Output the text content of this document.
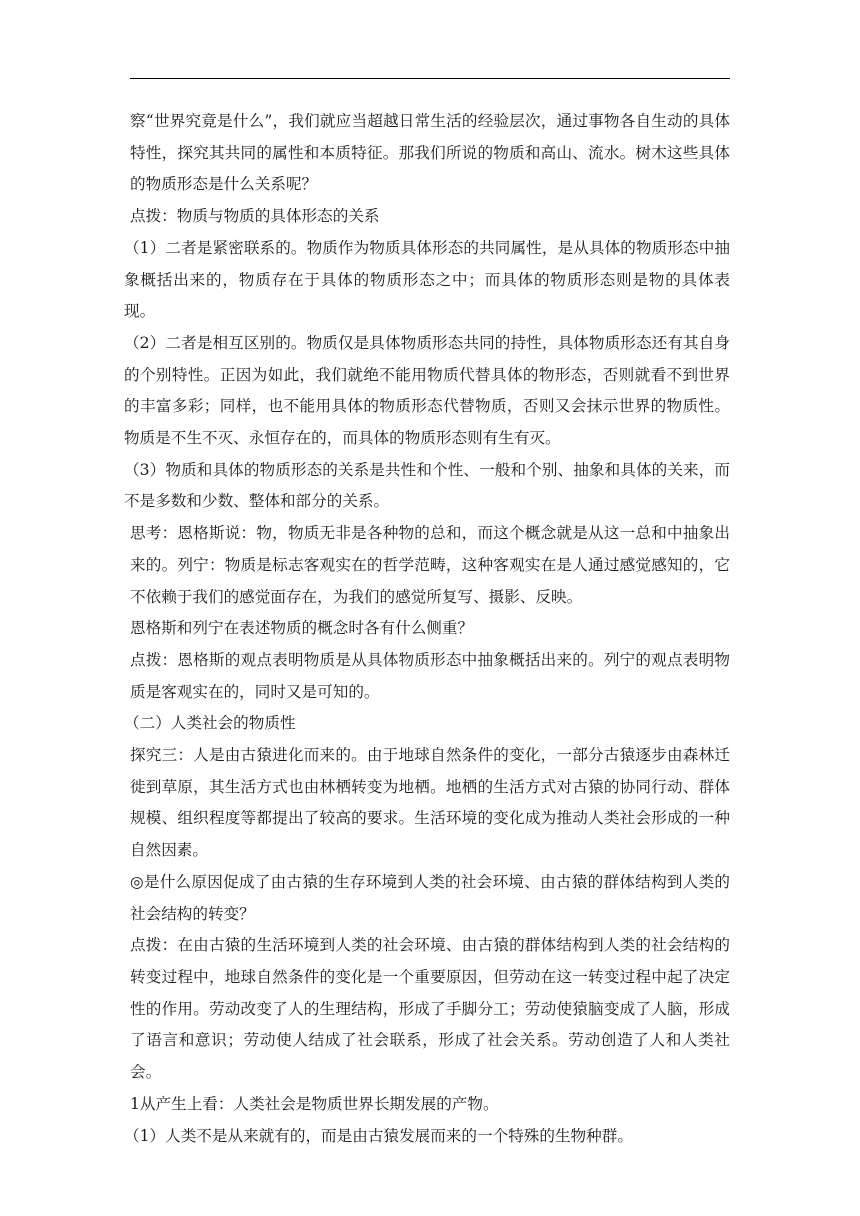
察“世界究竟是什么”，我们就应当超越日常生活的经验层次，通过事物各自生动的具体特性，探究其共同的属性和本质特征。那我们所说的物质和高山、流水。树木这些具体的物质形态是什么关系呢？

点拨：物质与物质的具体形态的关系

（1）二者是紧密联系的。物质作为物质具体形态的共同属性，是从具体的物质形态中抽象概括出来的，物质存在于具体的物质形态之中；而具体的物质形态则是物的具体表现。

（2）二者是相互区别的。物质仅是具体物质形态共同的持性，具体物质形态还有其自身的个别特性。正因为如此，我们就绝不能用物质代替具体的物形态，否则就看不到世界的丰富多彩；同样，也不能用具体的物质形态代替物质，否则又会抹示世界的物质性。物质是不生不灭、永恒存在的，而具体的物质形态则有生有灭。

（3）物质和具体的物质形态的关系是共性和个性、一般和个别、抽象和具体的关来，而不是多数和少数、整体和部分的关系。

思考：恩格斯说：物，物质无非是各种物的总和，而这个概念就是从这一总和中抽象出来的。列宁：物质是标志客观实在的哲学范畴，这种客观实在是人通过感觉感知的，它不依赖于我们的感觉面存在，为我们的感觉所复写、摄影、反映。

恩格斯和列宁在表述物质的概念时各有什么侧重？

点拨：恩格斯的观点表明物质是从具体物质形态中抽象概括出来的。列宁的观点表明物质是客观实在的，同时又是可知的。

（二）人类社会的物质性

探究三：人是由古猿进化而来的。由于地球自然条件的变化，一部分古猿逐步由森林迁徙到草原，其生活方式也由林栖转变为地栖。地栖的生活方式对古猿的协同行动、群体规模、组织程度等都提出了较高的要求。生活环境的变化成为推动人类社会形成的一种自然因素。

◎是什么原因促成了由古猿的生存环境到人类的社会环境、由古猿的群体结构到人类的社会结构的转变？

点拨：在由古猿的生活环境到人类的社会环境、由古猿的群体结构到人类的社会结构的转变过程中，地球自然条件的变化是一个重要原因，但劳动在这一转变过程中起了决定性的作用。劳动改变了人的生理结构，形成了手脚分工；劳动使猿脑变成了人脑，形成了语言和意识；劳动使人结成了社会联系，形成了社会关系。劳动创造了人和人类社会。

1从产生上看：人类社会是物质世界长期发展的产物。

（1）人类不是从来就有的，而是由古猿发展而来的一个特殊的生物种群。
